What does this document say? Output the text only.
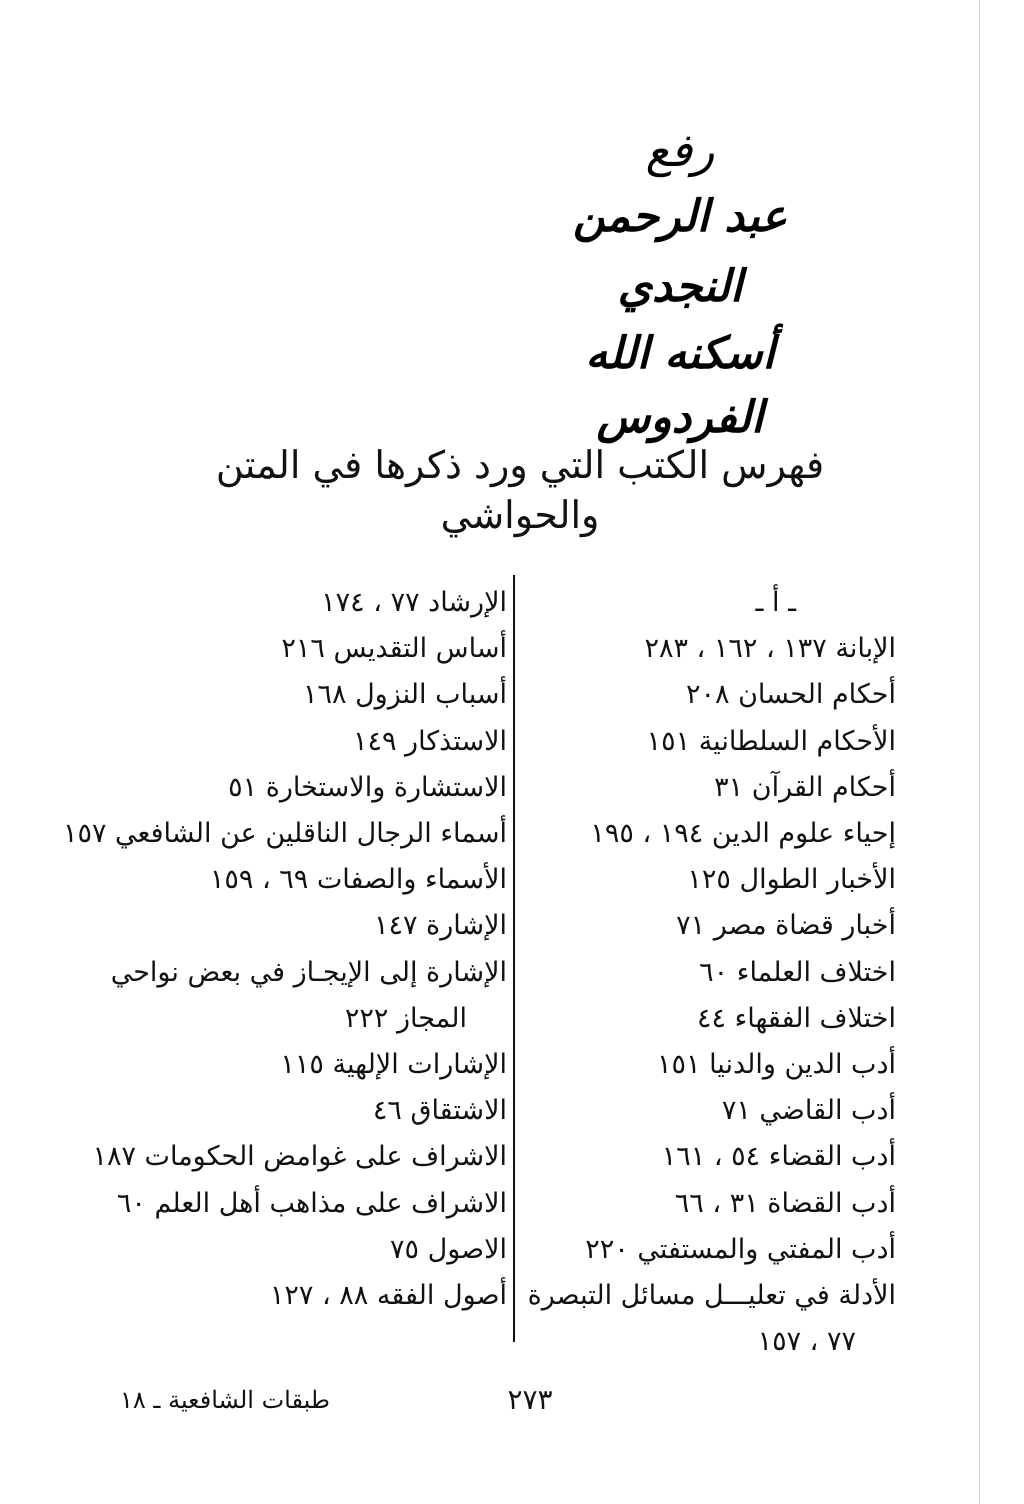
رفع
عبد الرحمن النجدي
أسكنه الله الفردوس
فهرس الكتب التي ورد ذكرها في المتن والحواشي
ـ أ ـ
الإبانة ١٣٧ ، ١٦٢ ، ٢٨٣
أحكام الحسان ٢٠٨
الأحكام السلطانية ١٥١
أحكام القرآن ٣١
إحياء علوم الدين ١٩٤ ، ١٩٥
الأخبار الطوال ١٢٥
أخبار قضاة مصر ٧١
اختلاف العلماء ٦٠
اختلاف الفقهاء ٤٤
أدب الدين والدنيا ١٥١
أدب القاضي ٧١
أدب القضاء ٥٤ ، ١٦١
أدب القضاة ٣١ ، ٦٦
أدب المفتي والمستفتي ٢٢٠
الأدلة في تعليـــل مسائل التبصرة
٧٧ ، ١٥٧
الإرشاد ٧٧ ، ١٧٤
أساس التقديس ٢١٦
أسباب النزول ١٦٨
الاستذكار ١٤٩
الاستشارة والاستخارة ٥١
أسماء الرجال الناقلين عن الشافعي ١٥٧
الأسماء والصفات ٦٩ ، ١٥٩
الإشارة ١٤٧
الإشارة إلى الإيجـاز في بعض نواحي
المجاز ٢٢٢
الإشارات الإلهية ١١٥
الاشتقاق ٤٦
الاشراف على غوامض الحكومات ١٨٧
الاشراف على مذاهب أهل العلم ٦٠
الاصول ٧٥
أصول الفقه ٨٨ ، ١٢٧
٢٧٣
طبقات الشافعية ـ ١٨
